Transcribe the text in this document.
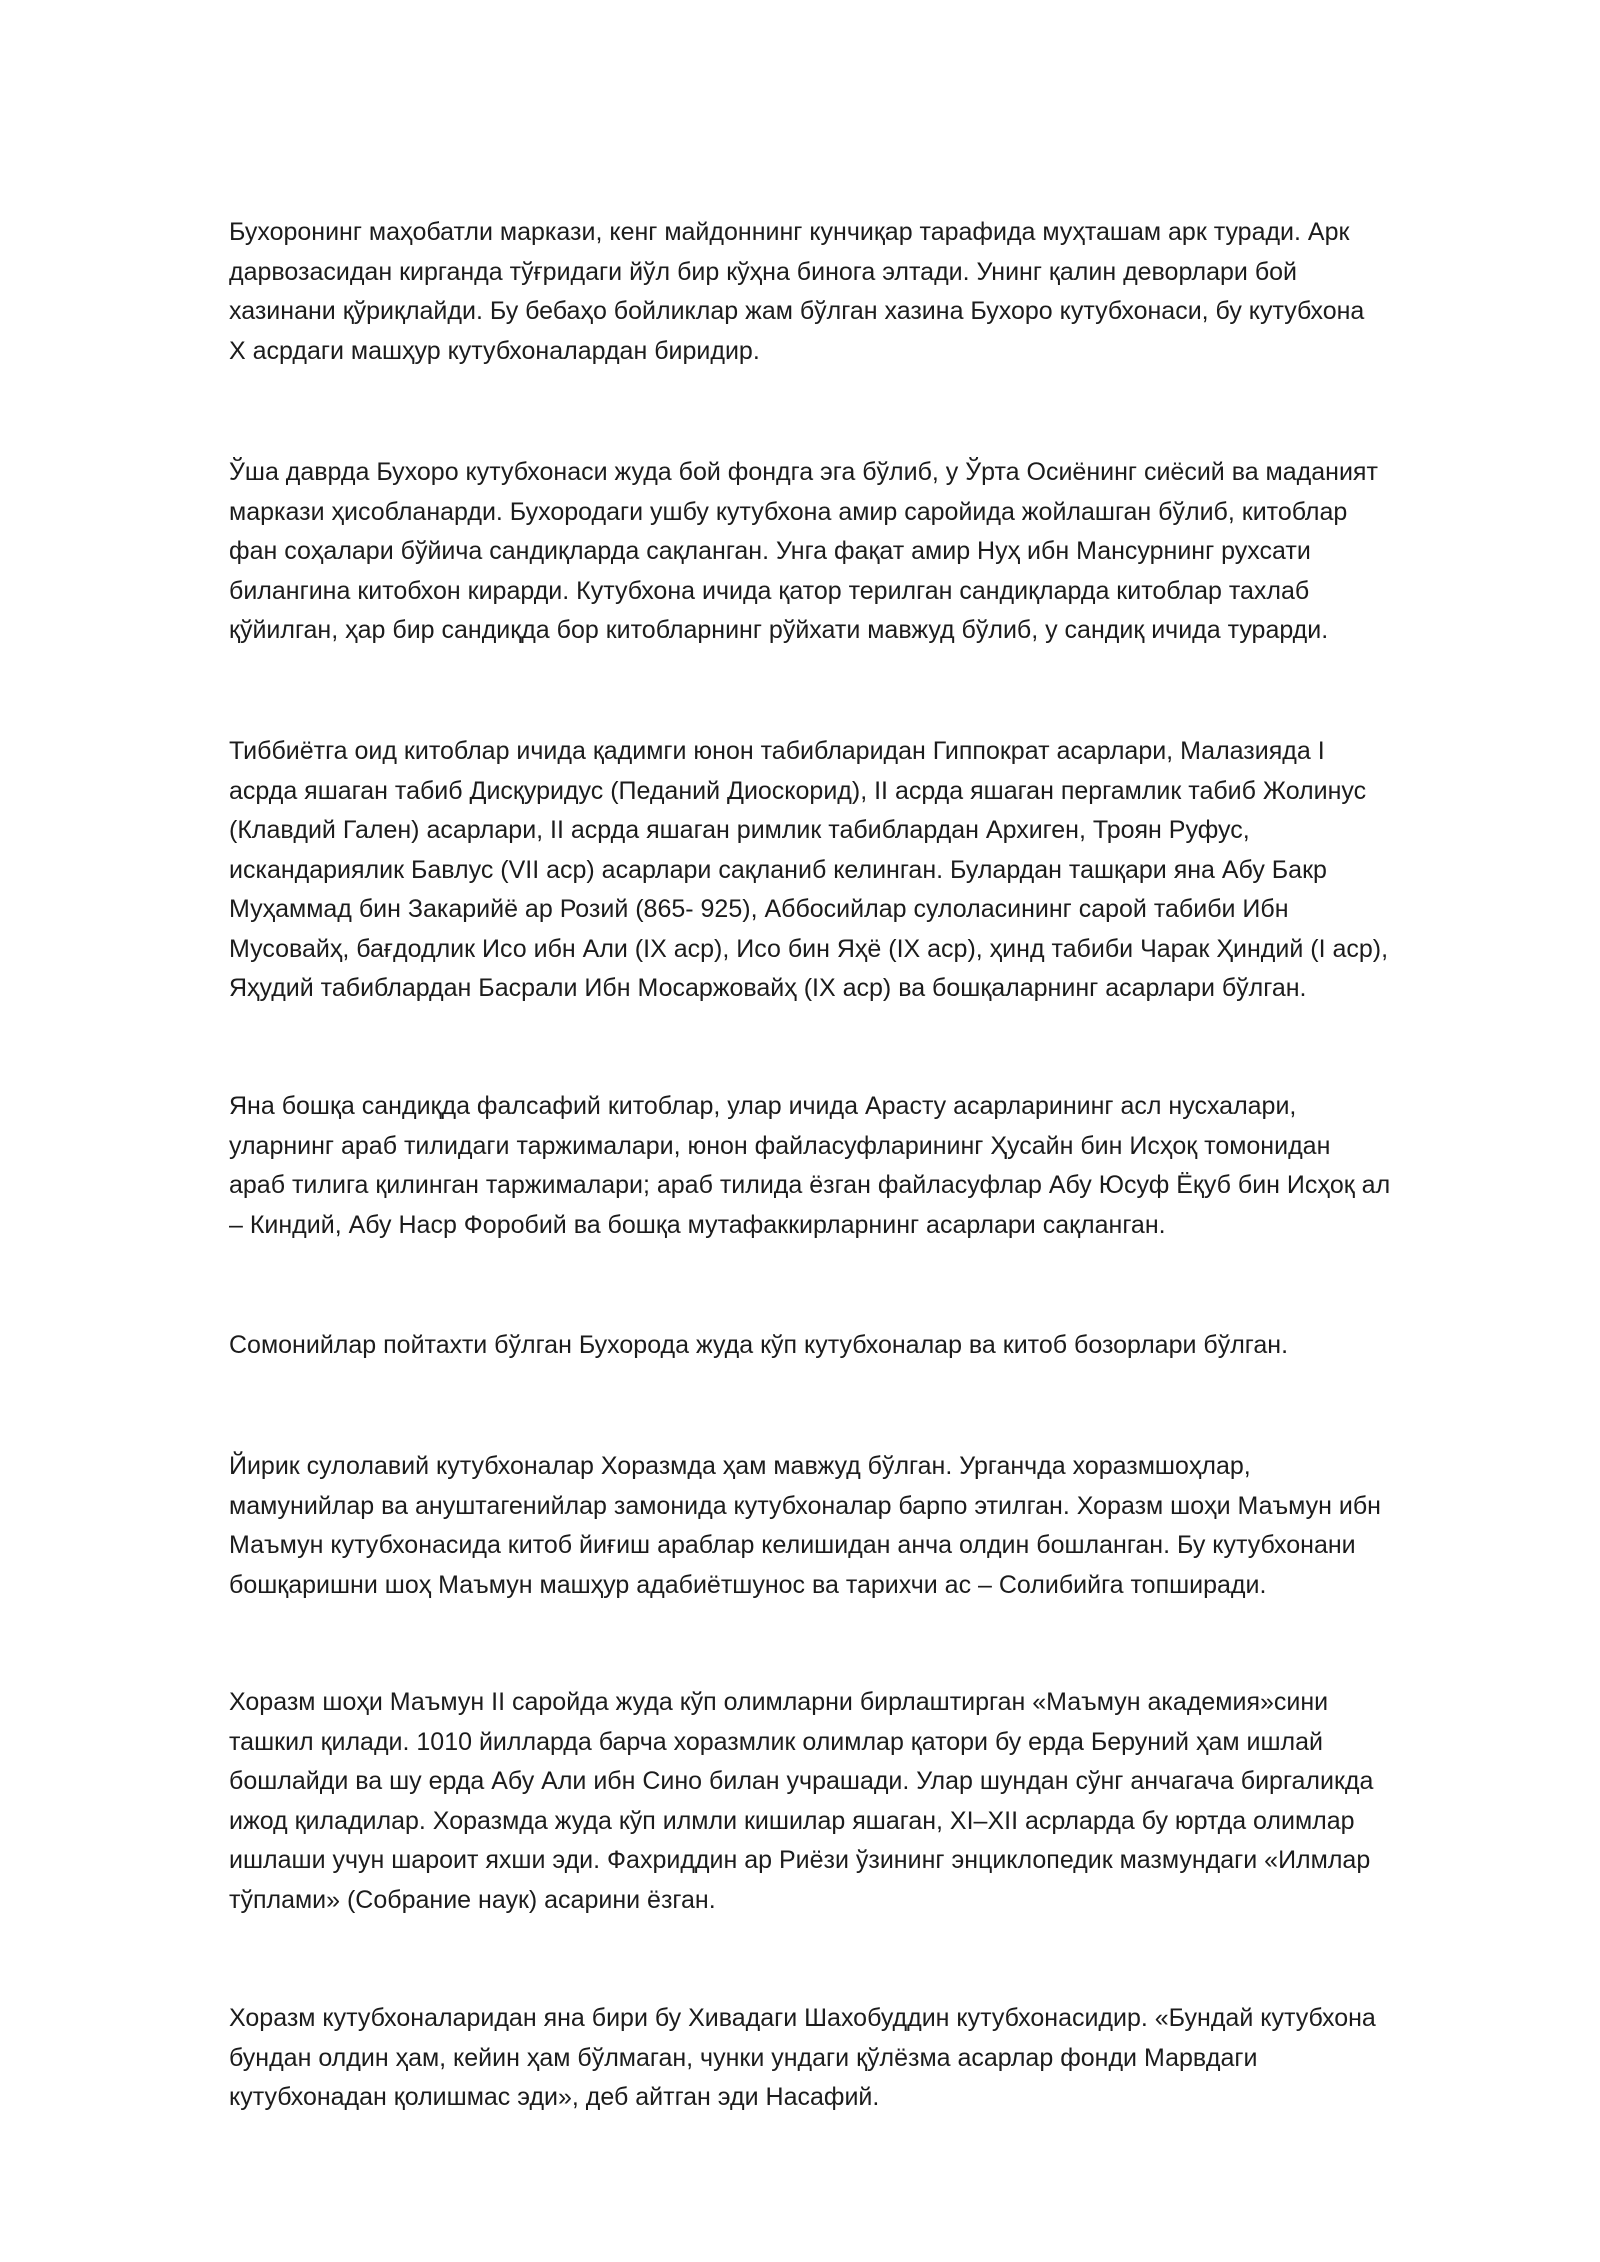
Бухоронинг маҳобатли маркази, кенг майдоннинг кунчиқар тарафида муҳташам арк туради. Арк
дарвозасидан кирганда тўғридаги йўл бир кўҳна бинога элтади. Унинг қалин деворлари бой
хазинани қўриқлайди. Бу бебаҳо бойликлар жам бўлган хазина Бухоро кутубхонаси, бу кутубхона
X асрдаги машҳур кутубхоналардан биридир.

Ўша даврда Бухоро кутубхонаси жуда бой фондга эга бўлиб, у Ўрта Осиёнинг сиёсий ва маданият
маркази ҳисобланарди. Бухородаги ушбу кутубхона амир саройида жойлашган бўлиб, китоблар
фан соҳалари бўйича сандиқларда сақланган. Унга фақат амир Нуҳ ибн Мансурнинг рухсати
билангина китобхон кирарди. Кутубхона ичида қатор терилган сандиқларда китоблар тахлаб
қўйилган, ҳар бир сандиқда бор китобларнинг рўйхати мавжуд бўлиб, у сандиқ ичида турарди.

Тиббиётга оид китоблар ичида қадимги юнон табибларидан Гиппократ асарлари, Малазияда I
асрда яшаган табиб Дисқуридус (Педаний Диоскорид), II асрда яшаган пергамлик табиб Жолинус
(Клавдий Гален) асарлари, II асрда яшаган римлик табиблардан Архиген, Троян Руфус,
искандариялик Бавлус (VII аср) асарлари сақланиб келинган. Булардан ташқари яна Абу Бакр
Муҳаммад бин Закарийё ар Розий (865- 925), Аббосийлар сулоласининг сарой табиби Ибн
Мусовайҳ, бағдодлик Исо ибн Али (IX аср), Исо бин Яҳё (IX аср), ҳинд табиби Чарак Ҳиндий (I аср),
Яҳудий табиблардан Басрали Ибн Мосаржовайҳ (IX аср) ва бошқаларнинг асарлари бўлган.

Яна бошқа сандиқда фалсафий китоблар, улар ичида Арасту асарларининг асл нусхалари,
уларнинг араб тилидаги таржималари, юнон файласуфларининг Ҳусайн бин Исҳоқ томонидан
араб тилига қилинган таржималари; араб тилида ёзган файласуфлар Абу Юсуф Ёқуб бин Исҳоқ ал
– Киндий, Абу Наср Форобий ва бошқа мутафаккирларнинг асарлари сақланган.

Сомонийлар пойтахти бўлган Бухорода жуда кўп кутубхоналар ва китоб бозорлари бўлган.

Йирик сулолавий кутубхоналар Хоразмда ҳам мавжуд бўлган. Урганчда хоразмшоҳлар,
мамунийлар ва ануштагенийлар замонида кутубхоналар барпо этилган. Хоразм шоҳи Маъмун ибн
Маъмун кутубхонасида китоб йиғиш араблар келишидан анча олдин бошланган. Бу кутубхонани
бошқаришни шоҳ Маъмун машҳур адабиётшунос ва тарихчи ас – Солибийга топширади.

Хоразм шоҳи Маъмун II саройда жуда кўп олимларни бирлаштирган «Маъмун академия»сини
ташкил қилади. 1010 йилларда барча хоразмлик олимлар қатори бу ерда Беруний ҳам ишлай
бошлайди ва шу ерда Абу Али ибн Сино билан учрашади. Улар шундан сўнг анчагача биргаликда
ижод қиладилар. Хоразмда жуда кўп илмли кишилар яшаган, XI–XII асрларда бу юртда олимлар
ишлаши учун шароит яхши эди. Фахриддин ар Риёзи ўзининг энциклопедик мазмундаги «Илмлар
тўплами» (Собрание наук) асарини ёзган.

Хоразм кутубхоналаридан яна бири бу Хивадаги Шахобуддин кутубхонасидир. «Бундай кутубхона
бундан олдин ҳам, кейин ҳам бўлмаган, чунки ундаги қўлёзма асарлар фонди Марвдаги
кутубхонадан қолишмас эди», деб айтган эди Насафий.
